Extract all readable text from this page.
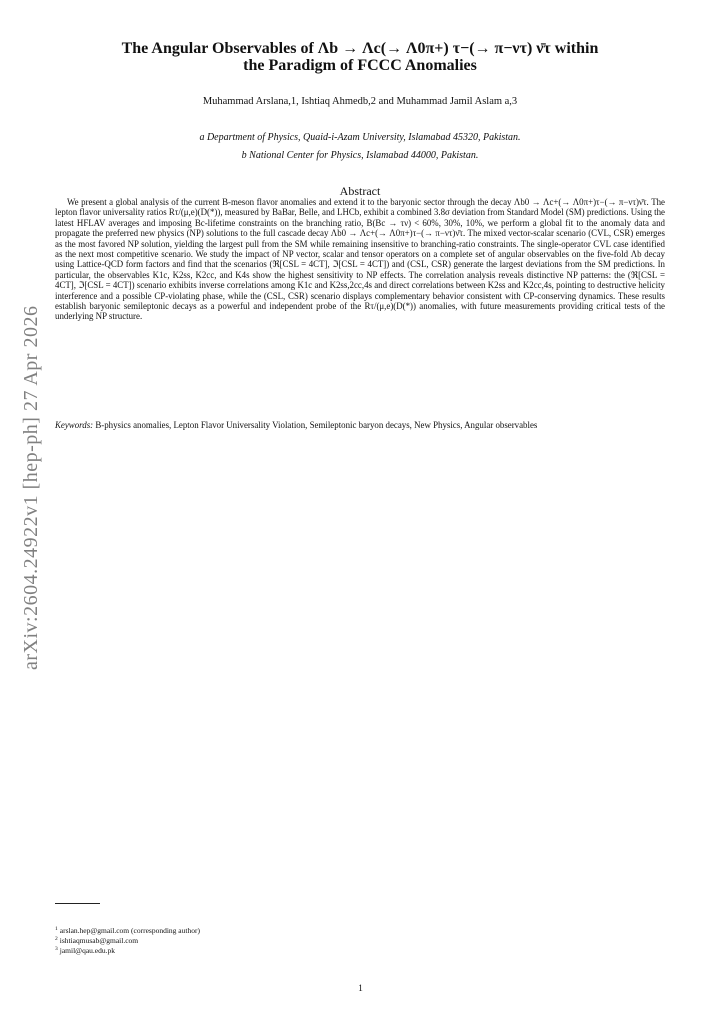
arXiv:2604.24922v1 [hep-ph] 27 Apr 2026
The Angular Observables of Λb → Λc(→ Λ0π+) τ−(→ π−ντ) ν̄τ within
the Paradigm of FCCC Anomalies
Muhammad Arslana,1, Ishtiaq Ahmedb,2 and Muhammad Jamil Aslam a,3
a Department of Physics, Quaid-i-Azam University, Islamabad 45320, Pakistan.
b National Center for Physics, Islamabad 44000, Pakistan.
Abstract
We present a global analysis of the current B-meson flavor anomalies and extend it to the baryonic sector through the decay Λb0 → Λc+(→ Λ0π+)τ−(→ π−ντ)ν̄τ. The lepton flavor universality ratios Rτ/(μ,e)(D(*)), measured by BaBar, Belle, and LHCb, exhibit a combined 3.8σ deviation from Standard Model (SM) predictions. Using the latest HFLAV averages and imposing Bc-lifetime constraints on the branching ratio, B(Bc → τν) < 60%, 30%, 10%, we perform a global fit to the anomaly data and propagate the preferred new physics (NP) solutions to the full cascade decay Λb0 → Λc+(→ Λ0π+)τ−(→ π−ντ)ν̄τ. The mixed vector-scalar scenario (CVL, CSR) emerges as the most favored NP solution, yielding the largest pull from the SM while remaining insensitive to branching-ratio constraints. The single-operator CVL case identified as the next most competitive scenario. We study the impact of NP vector, scalar and tensor operators on a complete set of angular observables on the five-fold Λb decay using Lattice-QCD form factors and find that the scenarios (ℜ[CSL = 4CT], ℑ[CSL = 4CT]) and (CSL, CSR) generate the largest deviations from the SM predictions. In particular, the observables K1c, K2ss, K2cc, and K4s show the highest sensitivity to NP effects. The correlation analysis reveals distinctive NP patterns: the (ℜ[CSL = 4CT], ℑ[CSL = 4CT]) scenario exhibits inverse correlations among K1c and K2ss,2cc,4s and direct correlations between K2ss and K2cc,4s, pointing to destructive helicity interference and a possible CP-violating phase, while the (CSL, CSR) scenario displays complementary behavior consistent with CP-conserving dynamics. These results establish baryonic semileptonic decays as a powerful and independent probe of the Rτ/(μ,e)(D(*)) anomalies, with future measurements providing critical tests of the underlying NP structure.
Keywords: B-physics anomalies, Lepton Flavor Universality Violation, Semileptonic baryon decays, New Physics, Angular observables
$^1$ arslan.hep@gmail.com (corresponding author)
$^2$ ishtiaqmusab@gmail.com
$^3$ jamil@qau.edu.pk
1
